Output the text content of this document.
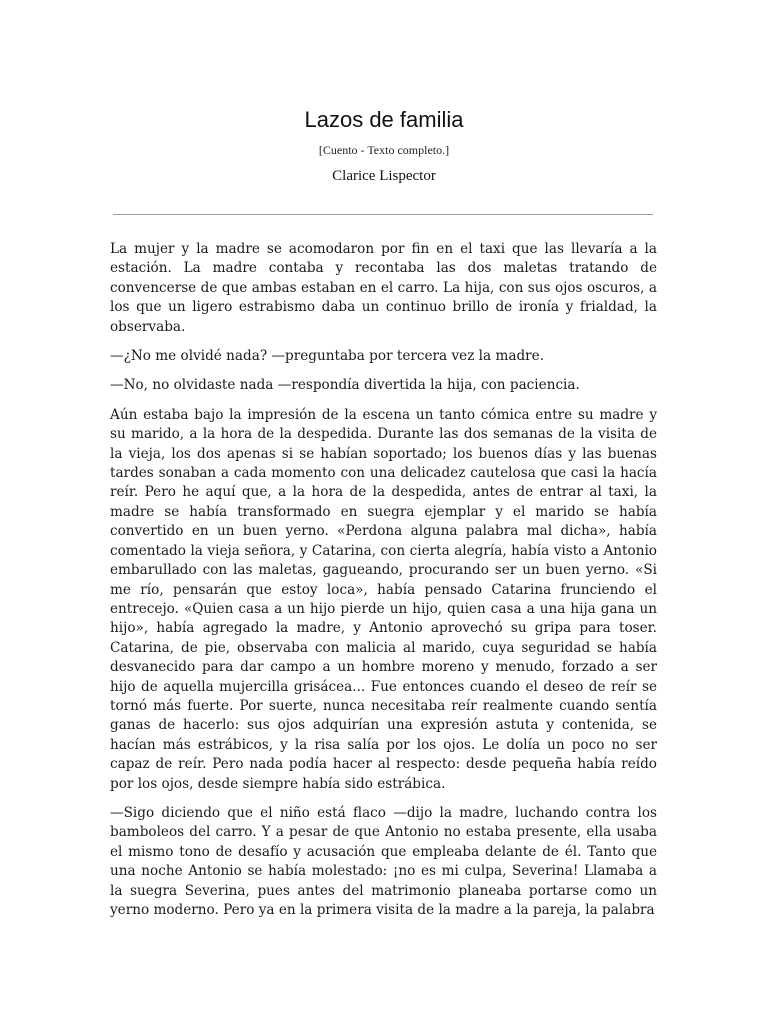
Lazos de familia
[Cuento - Texto completo.]
Clarice Lispector

La mujer y la madre se acomodaron por fin en el taxi que las llevaría a la estación. La madre contaba y recontaba las dos maletas tratando de convencerse de que ambas estaban en el carro. La hija, con sus ojos oscuros, a los que un ligero estrabismo daba un continuo brillo de ironía y frialdad, la observaba.

—¿No me olvidé nada? —preguntaba por tercera vez la madre.

—No, no olvidaste nada —respondía divertida la hija, con paciencia.

Aún estaba bajo la impresión de la escena un tanto cómica entre su madre y su marido, a la hora de la despedida. Durante las dos semanas de la visita de la vieja, los dos apenas si se habían soportado; los buenos días y las buenas tardes sonaban a cada momento con una delicadez cautelosa que casi la hacía reír. Pero he aquí que, a la hora de la despedida, antes de entrar al taxi, la madre se había transformado en suegra ejemplar y el marido se había convertido en un buen yerno. «Perdona alguna palabra mal dicha», había comentado la vieja señora, y Catarina, con cierta alegría, había visto a Antonio embarullado con las maletas, gagueando, procurando ser un buen yerno. «Si me río, pensarán que estoy loca», había pensado Catarina frunciendo el entrecejo. «Quien casa a un hijo pierde un hijo, quien casa a una hija gana un hijo», había agregado la madre, y Antonio aprovechó su gripa para toser. Catarina, de pie, observaba con malicia al marido, cuya seguridad se había desvanecido para dar campo a un hombre moreno y menudo, forzado a ser hijo de aquella mujercilla grisácea... Fue entonces cuando el deseo de reír se tornó más fuerte. Por suerte, nunca necesitaba reír realmente cuando sentía ganas de hacerlo: sus ojos adquirían una expresión astuta y contenida, se hacían más estrábicos, y la risa salía por los ojos. Le dolía un poco no ser capaz de reír. Pero nada podía hacer al respecto: desde pequeña había reído por los ojos, desde siempre había sido estrábica.

—Sigo diciendo que el niño está flaco —dijo la madre, luchando contra los bamboleos del carro. Y a pesar de que Antonio no estaba presente, ella usaba el mismo tono de desafío y acusación que empleaba delante de él. Tanto que una noche Antonio se había molestado: ¡no es mi culpa, Severina! Llamaba a la suegra Severina, pues antes del matrimonio planeaba portarse como un yerno moderno. Pero ya en la primera visita de la madre a la pareja, la palabra
